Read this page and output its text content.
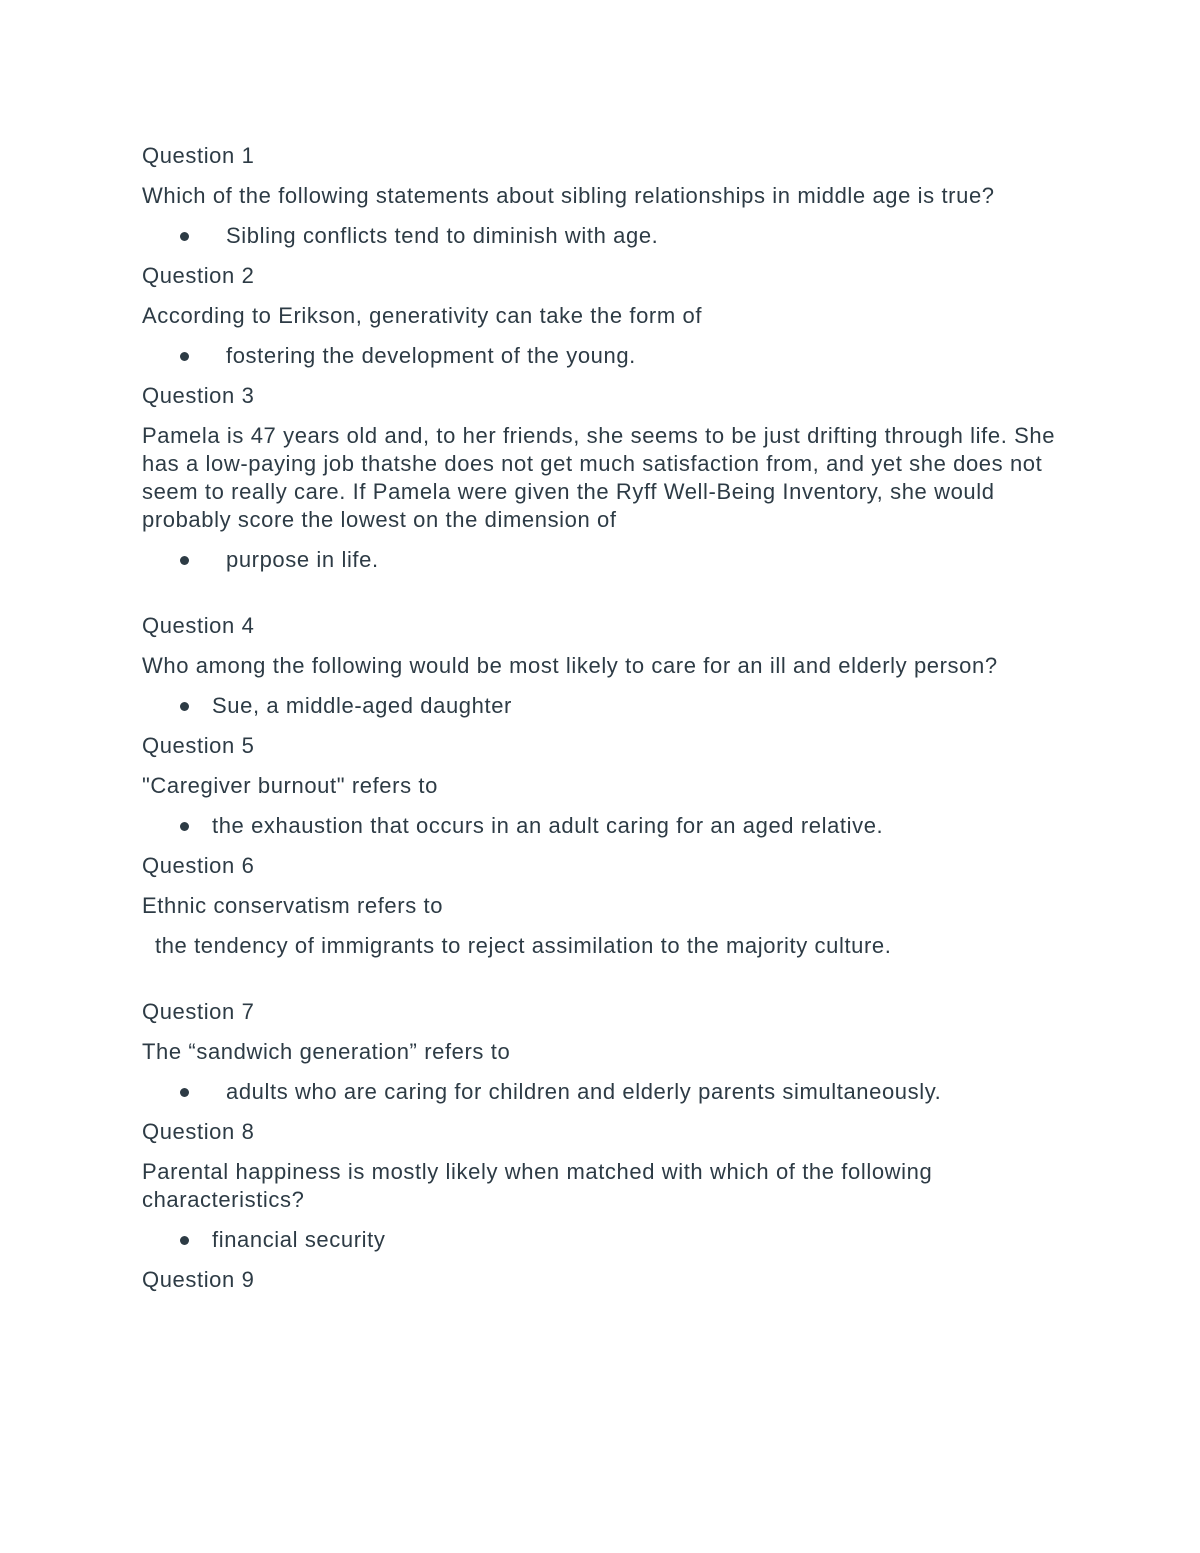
Question 1

Which of the following statements about sibling relationships in middle age is true?

Sibling conflicts tend to diminish with age.

Question 2

According to Erikson, generativity can take the form of

fostering the development of the young.

Question 3

Pamela is 47 years old and, to her friends, she seems to be just drifting through life. She has a low-paying job thatshe does not get much satisfaction from, and yet she does not seem to really care. If Pamela were given the Ryff Well-Being Inventory, she would probably score the lowest on the dimension of

purpose in life.

Question 4

Who among the following would be most likely to care for an ill and elderly person?

Sue, a middle-aged daughter

Question 5

"Caregiver burnout" refers to

the exhaustion that occurs in an adult caring for an aged relative.

Question 6

Ethnic conservatism refers to

the tendency of immigrants to reject assimilation to the majority culture.

Question 7

The “sandwich generation” refers to

adults who are caring for children and elderly parents simultaneously.

Question 8

Parental happiness is mostly likely when matched with which of the following characteristics?

financial security

Question 9
